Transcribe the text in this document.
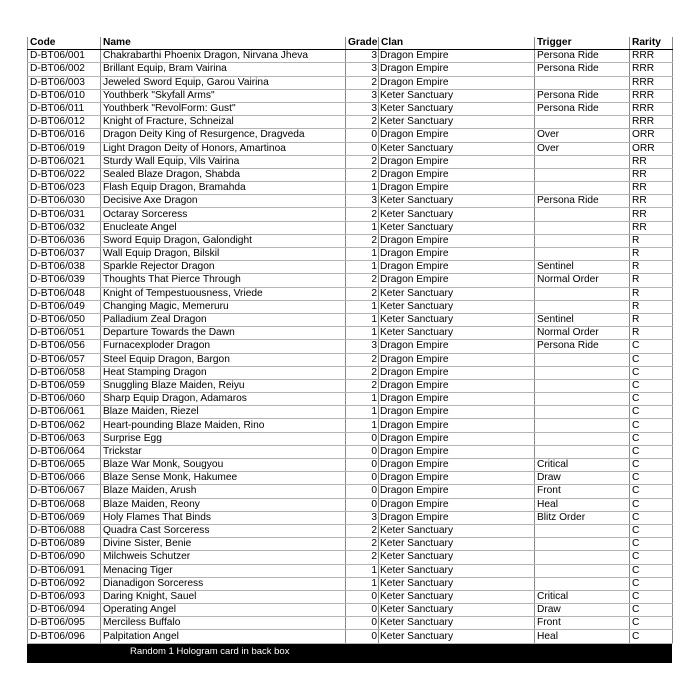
Code	Name	Grade	Clan	Trigger	Rarity
D-BT06/001	Chakrabarthi Phoenix Dragon, Nirvana Jheva	3	Dragon Empire	Persona Ride	RRR
D-BT06/002	Brillant Equip, Bram Vairina	3	Dragon Empire	Persona Ride	RRR
D-BT06/003	Jeweled Sword Equip, Garou Vairina	2	Dragon Empire		RRR
D-BT06/010	Youthberk "Skyfall Arms"	3	Keter Sanctuary	Persona Ride	RRR
D-BT06/011	Youthberk "RevolForm: Gust"	3	Keter Sanctuary	Persona Ride	RRR
D-BT06/012	Knight of Fracture, Schneizal	2	Keter Sanctuary		RRR
D-BT06/016	Dragon Deity King of Resurgence, Dragveda	0	Dragon Empire	Over	ORR
D-BT06/019	Light Dragon Deity of Honors, Amartinoa	0	Keter Sanctuary	Over	ORR
D-BT06/021	Sturdy Wall Equip, Vils Vairina	2	Dragon Empire		RR
D-BT06/022	Sealed Blaze Dragon, Shabda	2	Dragon Empire		RR
D-BT06/023	Flash Equip Dragon, Bramahda	1	Dragon Empire		RR
D-BT06/030	Decisive Axe Dragon	3	Keter Sanctuary	Persona Ride	RR
D-BT06/031	Octaray Sorceress	2	Keter Sanctuary		RR
D-BT06/032	Enucleate Angel	1	Keter Sanctuary		RR
D-BT06/036	Sword Equip Dragon, Galondight	2	Dragon Empire		R
D-BT06/037	Wall Equip Dragon, Bilskil	1	Dragon Empire		R
D-BT06/038	Sparkle Rejector Dragon	1	Dragon Empire	Sentinel	R
D-BT06/039	Thoughts That Pierce Through	2	Dragon Empire	Normal Order	R
D-BT06/048	Knight of Tempestuousness, Vriede	2	Keter Sanctuary		R
D-BT06/049	Changing Magic, Memeruru	1	Keter Sanctuary		R
D-BT06/050	Palladium Zeal Dragon	1	Keter Sanctuary	Sentinel	R
D-BT06/051	Departure Towards the Dawn	1	Keter Sanctuary	Normal Order	R
D-BT06/056	Furnacexploder Dragon	3	Dragon Empire	Persona Ride	C
D-BT06/057	Steel Equip Dragon, Bargon	2	Dragon Empire		C
D-BT06/058	Heat Stamping Dragon	2	Dragon Empire		C
D-BT06/059	Snuggling Blaze Maiden, Reiyu	2	Dragon Empire		C
D-BT06/060	Sharp Equip Dragon, Adamaros	1	Dragon Empire		C
D-BT06/061	Blaze Maiden, Riezel	1	Dragon Empire		C
D-BT06/062	Heart-pounding Blaze Maiden, Rino	1	Dragon Empire		C
D-BT06/063	Surprise Egg	0	Dragon Empire		C
D-BT06/064	Trickstar	0	Dragon Empire		C
D-BT06/065	Blaze War Monk, Sougyou	0	Dragon Empire	Critical	C
D-BT06/066	Blaze Sense Monk, Hakumee	0	Dragon Empire	Draw	C
D-BT06/067	Blaze Maiden, Arush	0	Dragon Empire	Front	C
D-BT06/068	Blaze Maiden, Reony	0	Dragon Empire	Heal	C
D-BT06/069	Holy Flames That Binds	3	Dragon Empire	Blitz Order	C
D-BT06/088	Quadra Cast Sorceress	2	Keter Sanctuary		C
D-BT06/089	Divine Sister, Benie	2	Keter Sanctuary		C
D-BT06/090	Milchweis Schutzer	2	Keter Sanctuary		C
D-BT06/091	Menacing Tiger	1	Keter Sanctuary		C
D-BT06/092	Dianadigon Sorceress	1	Keter Sanctuary		C
D-BT06/093	Daring Knight, Sauel	0	Keter Sanctuary	Critical	C
D-BT06/094	Operating Angel	0	Keter Sanctuary	Draw	C
D-BT06/095	Merciless Buffalo	0	Keter Sanctuary	Front	C
D-BT06/096	Palpitation Angel	0	Keter Sanctuary	Heal	C
Random 1 Hologram card in back box
